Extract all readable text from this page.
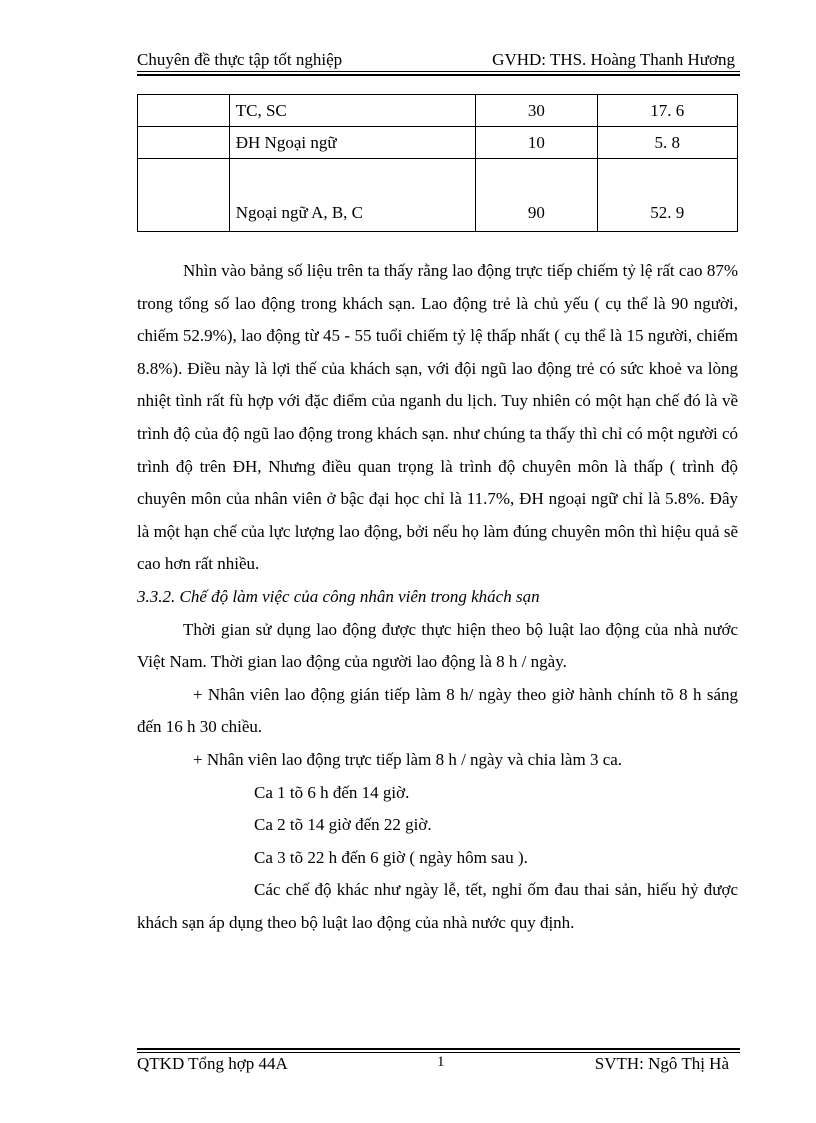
Chuyên đề thực tập tốt nghiệp	GVHD: THS. Hoàng Thanh Hương
	TC, SC	30	17. 6
	ĐH Ngoại ngữ	10	5. 8
	Ngoại ngữ A, B, C	90	52. 9

Nhìn vào bảng số liệu trên ta thấy rằng lao động trực tiếp chiếm tỷ lệ rất cao 87% trong tổng số lao động trong khách sạn. Lao động trẻ là chủ yếu ( cụ thể là 90 người, chiếm 52.9%), lao động từ 45 - 55 tuổi chiếm tỷ lệ thấp nhất ( cụ thể là 15 người, chiếm 8.8%). Điều này là lợi thế của khách sạn, với đội ngũ lao động trẻ có sức khoẻ va lòng nhiệt tình rất fù hợp với đặc điểm của nganh du lịch. Tuy nhiên có một hạn chế đó là về trình độ của độ ngũ lao động trong khách sạn. như chúng ta thấy thì chỉ có một người có trình độ trên ĐH, Nhưng điều quan trọng là trình độ chuyên môn là thấp ( trình độ chuyên môn của nhân viên ở bậc đại học chỉ là 11.7%, ĐH ngoại ngữ chỉ là 5.8%. Đây là một hạn chế của lực lượng lao động, bởi nếu họ làm đúng chuyên môn thì hiệu quả sẽ cao hơn rất nhiều.

3.3.2. Chế độ làm việc của công nhân viên trong khách sạn

Thời gian sử dụng lao động được thực hiện theo bộ luật lao động của nhà nước Việt Nam. Thời gian lao động của người lao động là 8 h / ngày.

+ Nhân viên lao động gián tiếp làm 8 h/ ngày theo giờ hành chính tõ 8 h sáng đến 16 h 30 chiều.

+ Nhân viên lao động trực tiếp làm 8 h / ngày và chia làm 3 ca.

Ca 1 tõ 6 h đến 14 giờ.

Ca 2 tõ 14 giờ đến 22 giờ.

Ca 3 tõ 22 h đến 6 giờ ( ngày hôm sau ).

Các chế độ khác như ngày lễ, tết, nghỉ ốm đau thai sản, hiếu hỷ được khách sạn áp dụng theo bộ luật lao động của nhà nước quy định.

QTKD Tổng hợp 44A	1	SVTH: Ngô Thị Hà
